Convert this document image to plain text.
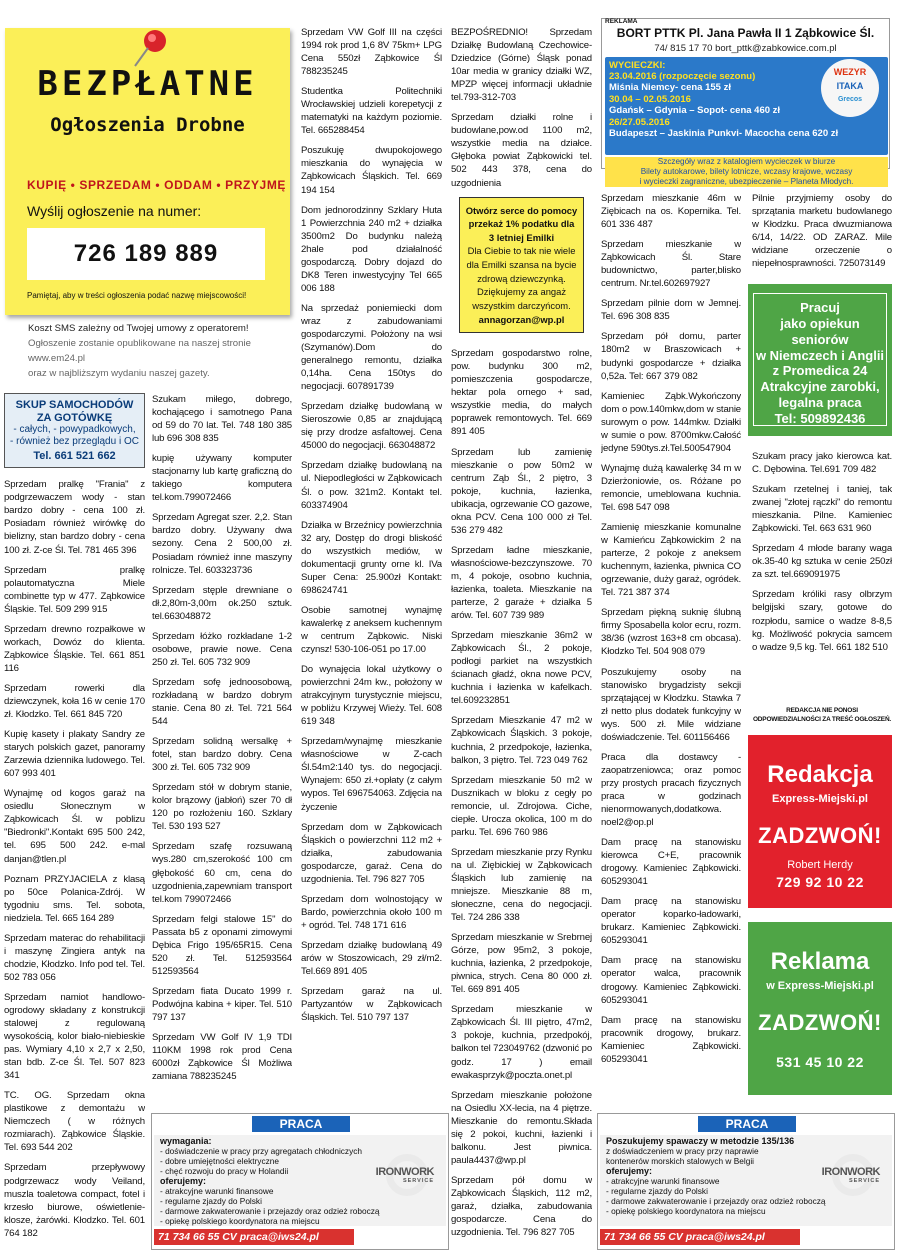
BEZPŁATNE
Ogłoszenia Drobne
KUPIĘ • SPRZEDAM • ODDAM • PRZYJMĘ
Wyślij ogłoszenie na numer:
726 189 889
Pamiętaj, aby w treści ogłoszenia podać nazwę miejscowości!
Koszt SMS zależny od Twojej umowy z operatorem!
Ogłoszenie zostanie opublikowane na naszej stronie www.em24.pl
oraz w najbliższym wydaniu naszej gazety.
SKUP SAMOCHODÓW ZA GOTÓWKĘ
- całych, - powypadkowych,
- również bez przeglądu i OC
Tel. 661 521 662
Sprzedam pralkę "Frania" z podgrzewaczem wody - stan bardzo dobry - cena 100 zł. Posiadam również wirówkę do bielizny, stan bardzo dobry - cena 100 zł. Z-ce Śl. Tel. 781 465 396
Sprzedam pralkę polautomatyczna Miele combinette typ w 477. Ząbkowice Śląskie. Tel. 509 299 915
Sprzedam drewno rozpałkowe w workach, Dowóz do klienta. Ząbkowice Śląskie. Tel. 661 851 116
Sprzedam rowerki dla dziewczynek, koła 16 w cenie 170 zł. Kłodzko. Tel. 661 845 720
Kupię kasety i plakaty Sandry ze starych polskich gazet, panoramy Zarzewia dziennika ludowego. Tel. 607 993 401
Wynajmę od kogos garaż na osiedlu Słonecznym w Ząbkowicach Śl. w poblizu "Biedronki".Kontakt 695 500 242, tel. 695 500 242. e-mal danjan@tlen.pl
Poznam PRZYJACIELA z klasą po 50ce Polanica-Zdrój. W tygodniu sms. Tel. sobota, niedziela. Tel. 665 164 289
Sprzedam materac do rehabilitacji i maszynę Zingiera antyk na chodzie, Kłodzko. Info pod tel. Tel. 502 783 056
Sprzedam namiot handlowo-ogrodowy składany z konstrukcji stalowej z regulowaną wysokością, kolor biało-niebieskie pas. Wymiary 4,10 x 2,7 x 2,50, stan bdb. Z-ce Śl. Tel. 507 823 341
TC. OG. Sprzedam okna plastikowe z demontażu w Niemczech ( w różnych rozmiarach). Ząbkowice Śląskie. Tel. 693 544 202
Sprzedam przepływowy podgrzewacz wody Veiland, muszla toaletowa compact, fotel i krzesło biurowe, oświetlenie-klosze, żarówki. Kłodzko. Tel. 601 764 182
Szukam miłego, dobrego, kochającego i samotnego Pana od 59 do 70 lat. Tel. 748 180 385 lub 696 308 835
kupię używany komputer stacjonarny lub kartę graficzną do takiego komputera tel.kom.799072466
Sprzedam Agregat szer. 2,2. Stan bardzo dobry. Używany dwa sezony. Cena 2 500,00 zł. Posiadam również inne maszyny rolnicze. Tel. 603323736
Sprzedam stęple drewniane o dł.2,80m-3,00m ok.250 sztuk. tel.663048872
Sprzedam łóżko rozkładane 1-2 osobowe, prawie nowe. Cena 250 zł. Tel. 605 732 909
Sprzedam sofę jednoosobową, rozkładaną w bardzo dobrym stanie. Cena 80 zł. Tel. 721 564 544
Sprzedam solidną wersalkę + fotel, stan bardzo dobry. Cena 300 zł. Tel. 605 732 909
Sprzedam stół w dobrym stanie, kolor brązowy (jabłoń) szer 70 dł 120 po rozłożeniu 160. Szklary Tel. 530 193 527
Sprzedam szafę rozsuwaną wys.280 cm,szerokość 100 cm głębokość 60 cm, cena do uzgodnienia,zapewniam transport tel.kom 799072466
Sprzedam felgi stalowe 15" do Passata b5 z oponami zimowymi Dębica Frigo 195/65R15. Cena 520 zł. Tel. 512593564 512593564
Sprzedam fiata Ducato 1999 r. Podwójna kabina + kiper. Tel. 510 797 137
Sprzedam VW Golf IV 1,9 TDI 110KM 1998 rok prod Cena 6000zł Ząbkowice Śl Możliwa zamiana 788235245
Sprzedam VW Golf III na części 1994 rok prod 1,6 8V 75km+ LPG Cena 550zł Ząbkowice Śl 788235245
Studentka Politechniki Wrocławskiej udzieli korepetycji z matematyki na każdym poziomie. Tel. 665288454
Poszukuję dwupokojowego mieszkania do wynajęcia w Ząbkowicach Śląskich. Tel. 669 194 154
Dom jednorodzinny Szklary Huta 1 Powierzchnia 240 m2 + działka 3500m2 Do budynku należą 2hale pod działalność gospodarczą. Dobry dojazd do DK8 Teren inwestycyjny Tel 665 006 188
Na sprzedaż poniemiecki dom wraz z zabudowaniami gospodarczymi. Położony na wsi (Szymanów).Dom do generalnego remontu, działka 0,14ha. Cena 150tys do negocjacji. 607891739
Sprzedam działkę budowlaną w Sieroszowie 0,85 ar znajdującą się przy drodze asfaltowej. Cena 45000 do negocjacji. 663048872
Sprzedam działkę budowlaną na ul. Niepodległości w Ząbkowicach Śl. o pow. 321m2. Kontakt tel. 603374904
Działka w Brzeźnicy powierzchnia 32 ary, Dostęp do drogi bliskość do wszystkich mediów, w dokumentacji grunty orne kl. IVa Super Cena: 25.900zł Kontakt: 698624741
Osobie samotnej wynajmę kawalerkę z aneksem kuchennym w centrum Ząbkowic. Niski czynsz! 530-106-051 po 17.00
Do wynajęcia lokal użytkowy o powierzchni 24m kw., położony w atrakcyjnym turystycznie miejscu, w pobliżu Krzywej Wieży. Tel. 608 619 348
Sprzedam/wynajmę mieszkanie własnościowe w Z-cach Śl.54m2:140 tys. do negocjacji. Wynajem: 650 zł.+opłaty (z całym wypos. Tel 696754063. Zdjęcia na życzenie
Sprzedam dom w Ząbkowicach Śląskich o powierzchni 112 m2 + działka, zabudowania gospodarcze, garaż. Cena do uzgodnienia. Tel. 796 827 705
Sprzedam dom wolnostojący w Bardo, powierzchnia około 100 m + ogród. Tel. 748 171 616
Sprzedam działkę budowlaną 49 arów w Stoszowicach, 29 zł/m2. Tel.669 891 405
Sprzedam garaż na ul. Partyzantów w Ząbkowicach Śląskich. Tel. 510 797 137
BEZPOŚREDNIO! Sprzedam Działkę Budowlaną Czechowice-Dziedzice (Górne) Śląsk ponad 10ar media w granicy działki WZ, MPZP więcej informacji układnie tel.793-312-703
Sprzedam działki rolne i budowlane,pow.od 1100 m2, wszystkie media na działce. Głęboka powiat Ząbkowicki tel. 502 443 378, cena do uzgodnienia
Otwórz serce do pomocy
przekaż 1% podatku dla
3 letniej Emilki
Dla Ciebie to tak nie wiele dla Emilki szansa na bycie zdrową dziewczynką. Dziękujemy za angaż wszystkim darczyńcom.
annagorzan@wp.pl
Sprzedam gospodarstwo rolne, pow. budynku 300 m2, pomieszczenia gospodarcze, hektar pola ornego + sad, wszystkie media, do małych poprawek remontowych. Tel. 669 891 405
Sprzedam lub zamienię mieszkanie o pow 50m2 w centrum Ząb Śl., 2 piętro, 3 pokoje, kuchnia, łazienka, ubikacja, ogrzewanie CO gazowe, okna PCV. Cena 100 000 zł Tel. 536 279 482
Sprzedam ładne mieszkanie, własnościowe-bezczynszowe. 70 m, 4 pokoje, osobno kuchnia, łazienka, toaleta. Mieszkanie na parterze, 2 garaże + działka 5 arów. Tel. 607 739 989
Sprzedam mieszkanie 36m2 w Ząbkowicach Śl., 2 pokoje, podłogi parkiet na wszystkich ścianach gładź, okna nowe PCV, kuchnia i łazienka w kafelkach. tel.609232851
Sprzedam Mieszkanie 47 m2 w Ząbkowicach Śląskich. 3 pokoje, kuchnia, 2 przedpokoje, łazienka, balkon, 3 piętro. Tel. 723 049 762
Sprzedam mieszkanie 50 m2 w Dusznikach w bloku z cegły po remoncie, ul. Zdrojowa. Ciche, ciepłe. Urocza okolica, 100 m do parku. Tel. 696 760 986
Sprzedam mieszkanie przy Rynku na ul. Ziębickiej w Ząbkowicach Śląskich lub zamienię na mniejsze. Mieszkanie 88 m, słoneczne, cena do negocjacji. Tel. 724 286 338
Sprzedam mieszkanie w Srebrnej Górze, pow 95m2, 3 pokoje, kuchnia, łazienka, 2 przedpokoje, piwnica, strych. Cena 80 000 zł. Tel. 669 891 405
Sprzedam mieszkanie w Ząbkowicach Śl. III piętro, 47m2, 3 pokoje, kuchnia, przedpokój, balkon tel 723049762 (dzwonić po godz. 17 ) email ewakasprzyk@poczta.onet.pl
Sprzedam mieszkanie położone na Osiedlu XX-lecia, na 4 piętrze. Mieszkanie do remontu.Składa się 2 pokoi, kuchni, łazienki i balkonu. Jest piwnica. paula4437@wp.pl
Sprzedam pół domu w Ząbkowicach Śląskich, 112 m2, garaż, działka, zabudowania gospodarcze. Cena do uzgodnienia. Tel. 796 827 705
REKLAMA
BORT PTTK Pl. Jana Pawła II 1 Ząbkowice Śl.
74/ 815 17 70 bort_pttk@zabkowice.com.pl
WYCIECZKI:
23.04.2016 (rozpoczęcie sezonu)
Miśnia Niemcy- cena 155 zł
30.04 – 02.05.2016
Gdańsk – Gdynia – Sopot- cena 460 zł
26/27.05.2016
Budapeszt – Jaskinia Punkvi- Macocha cena 620 zł
WEZYR
ITAKA
Grecos
Szczegóły wraz z katalogiem wycieczek w biurze
Bilety autokarowe, bilety lotnicze, wczasy krajowe, wczasy
i wycieczki zagraniczne, ubezpieczenie – Planeta Młodych.
Sprzedam mieszkanie 46m w Ziębicach na os. Kopernika. Tel. 601 336 487
Sprzedam mieszkanie w Ząbkowicach Śl. Stare budownictwo, parter,blisko centrum. Nr.tel.602697927
Sprzedam pilnie dom w Jemnej. Tel. 696 308 835
Sprzedam pół domu, parter 180m2 w Braszowicach + budynki gospodarcze + działka 0,52a. Tel: 667 379 082
Kamieniec Ząbk.Wykończony dom o pow.140mkw,dom w stanie surowym o pow. 144mkw. Działki w sumie o pow. 8700mkw.Całość jedyne 590tys.zł.Tel.500547904
Wynajmę dużą kawalerkę 34 m w Dzierżoniowie, os. Różane po remoncie, umeblowana kuchnia. Tel. 698 547 098
Zamienię mieszkanie komunalne w Kamieńcu Ząbkowickim 2 na parterze, 2 pokoje z aneksem kuchennym, łazienka, piwnica CO ogrzewanie, duży garaż, ogródek. Tel. 721 387 374
Sprzedam piękną suknię ślubną firmy Sposabella kolor ecru, rozm. 38/36 (wzrost 163+8 cm obcasa). Kłodzko Tel. 504 908 079
Poszukujemy osoby na stanowisko brygadzisty sekcji sprzątającej w Kłodzku. Stawka 7 zł netto plus dodatek funkcyjny w wys. 500 zł. Mile widziane doświadczenie. Tel. 601156466
Praca dla dostawcy - zaopatrzeniowca; oraz pomoc przy prostych pracach fizycznych praca w godzinach nienormowanych,dodatkowa. noel2@op.pl
Dam pracę na stanowisku kierowca C+E, pracownik drogowy. Kamieniec Ząbkowicki. 605293041
Dam pracę na stanowisku operator koparko-ładowarki, brukarz. Kamieniec Ząbkowicki. 605293041
Dam pracę na stanowisku operator walca, pracownik drogowy. Kamieniec Ząbkowicki. 605293041
Dam pracę na stanowisku pracownik drogowy, brukarz. Kamieniec Ząbkowicki. 605293041
Pilnie przyjmiemy osoby do sprzątania marketu budowlanego w Kłodzku. Praca dwuzmianowa 6/14, 14/22. OD ZARAZ. Mile widziane orzeczenie o niepełnosprawności. 725073149
Pracuj
jako opiekun seniorów
w Niemczech i Anglii
z Promedica 24
Atrakcyjne zarobki,
legalna praca
Tel: 509892436
Szukam pracy jako kierowca kat. C. Dębowina. Tel.691 709 482
Szukam rzetelnej i taniej, tak zwanej "złotej rączki" do remontu mieszkania. Pilne. Kamieniec Ząbkowicki. Tel. 663 631 960
Sprzedam 4 młode barany waga ok.35-40 kg sztuka w cenie 250zł za szt. tel.669091975
Sprzedam króliki rasy olbrzym belgijski szary, gotowe do rozpłodu, samice o wadze 8-8,5 kg. Możliwość pokrycia samcem o wadze 9,5 kg. Tel. 661 182 510
REDAKCJA NIE PONOSI ODPOWIEDZIALNOŚCI ZA TREŚĆ OGŁOSZEŃ.
Redakcja
Express-Miejski.pl
ZADZWOŃ!
Robert Herdy
729 92 10 22
Reklama
w Express-Miejski.pl
ZADZWOŃ!
531 45 10 22
PRACA
wymagania:
- doświadczenie w pracy przy agregatach chłodniczych
- dobre umiejętności elektryczne
- chęć rozwoju do pracy w Holandii
oferujemy:
- atrakcyjne warunki finansowe
- regularne zjazdy do Polski
- darmowe zakwaterowanie i przejazdy oraz odzież roboczą
- opiekę polskiego koordynatora na miejscu
IRONWORK
SERVICE
71 734 66 55 CV praca@iws24.pl
PRACA
Poszukujemy spawaczy w metodzie 135/136
z doświadczeniem w pracy przy naprawie
kontenerów morskich stalowych w Belgii
oferujemy:
- atrakcyjne warunki finansowe
- regularne zjazdy do Polski
- darmowe zakwaterowanie i przejazdy oraz odzież roboczą
- opiekę polskiego koordynatora na miejscu
IRONWORK
SERVICE
71 734 66 55 CV praca@iws24.pl
